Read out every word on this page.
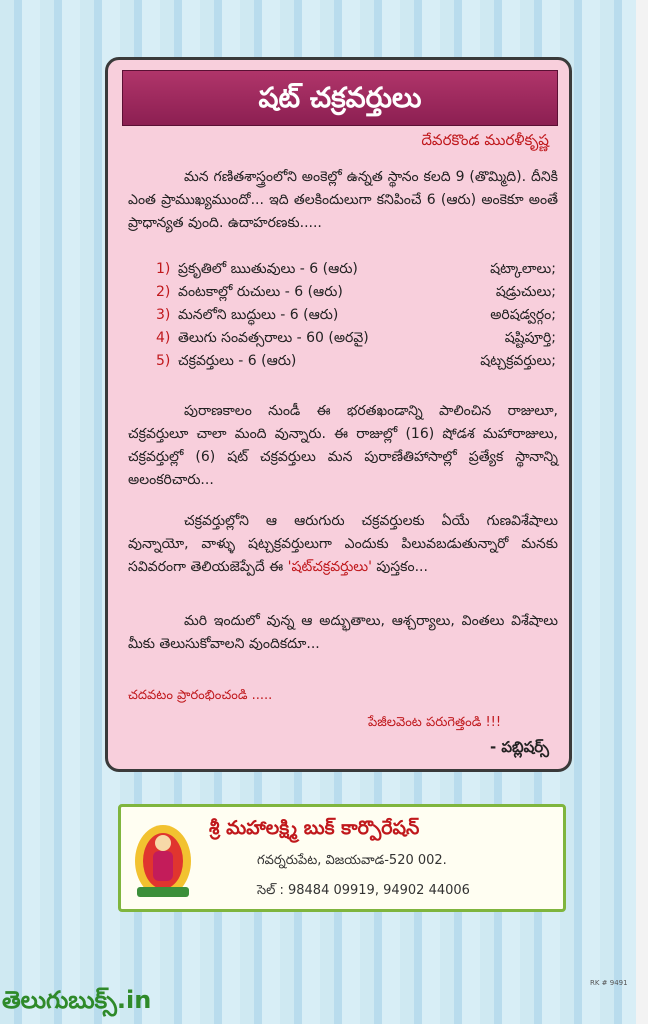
షట్ చక్రవర్తులు
దేవరకొండ మురళీకృష్ణ

మన గణితశాస్త్రంలోని అంకెల్లో ఉన్నత స్థానం కలది 9 (తొమ్మిది). దీనికి ఎంత ప్రాముఖ్యముందో... ఇది తలకిందులుగా కనిపించే 6 (ఆరు) అంకెకూ అంతే ప్రాధాన్యత వుంది. ఉదాహరణకు.....

1) ప్రకృతిలో ఋతువులు - 6 (ఆరు)	షట్కాలాలు;
2) వంటకాల్లో రుచులు - 6 (ఆరు)	షడ్రుచులు;
3) మనలోని బుద్ధులు - 6 (ఆరు)	అరిషడ్వర్గం;
4) తెలుగు సంవత్సరాలు - 60 (అరవై)	షష్టిపూర్తి;
5) చక్రవర్తులు - 6 (ఆరు)	షట్చక్రవర్తులు;

పురాణకాలం నుండీ ఈ భరతఖండాన్ని పాలించిన రాజులూ, చక్రవర్తులూ చాలా మంది వున్నారు. ఈ రాజుల్లో (16) షోడశ మహారాజులు, చక్రవర్తుల్లో (6) షట్ చక్రవర్తులు మన పురాణేతిహాసాల్లో ప్రత్యేక స్థానాన్ని అలంకరిచారు...

చక్రవర్తుల్లోని ఆ ఆరుగురు చక్రవర్తులకు ఏయే గుణవిశేషాలు వున్నాయో, వాళ్ళు షట్చక్రవర్తులుగా ఎందుకు పిలువబడుతున్నారో మనకు సవివరంగా తెలియజెప్పేదే ఈ 'షట్‌చక్రవర్తులు' పుస్తకం...

మరి ఇందులో వున్న ఆ అద్భుతాలు, ఆశ్చర్యాలు, వింతలు విశేషాలు మీకు తెలుసుకోవాలని వుందికదూ...

చదవటం ప్రారంభించండి .....
పేజీలవెంట పరుగెత్తండి !!!
- పబ్లిషర్స్
శ్రీ మహాలక్ష్మి బుక్ కార్పొరేషన్
గవర్నరుపేట, విజయవాడ-520 002.
సెల్ : 98484 09919, 94902 44006
RK # 9491
తెలుగుబుక్స్.in
